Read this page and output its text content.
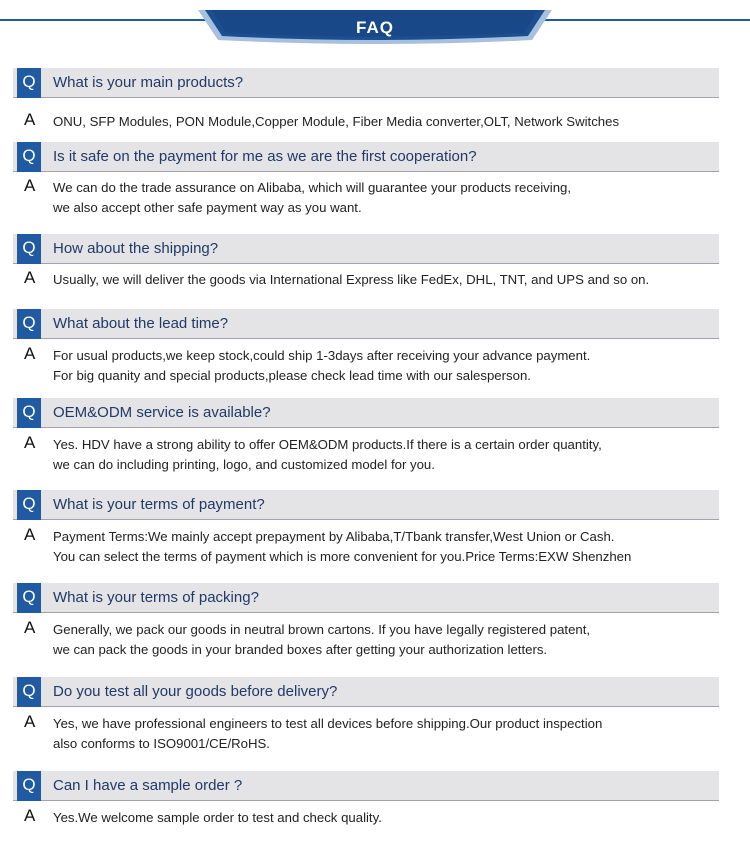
FAQ
Q	What is your main products?
A ONU, SFP Modules, PON Module,Copper Module, Fiber Media converter,OLT, Network Switches
Q	Is it safe on the payment for me as we are the first cooperation?
A We can do the trade assurance on Alibaba, which will guarantee your products receiving,
we also accept other safe payment way as you want.
Q	How about the shipping?
A Usually, we will deliver the goods via International Express like FedEx, DHL, TNT, and UPS and so on.
Q	What about the lead time?
A For usual products,we keep stock,could ship 1-3days after receiving your advance payment.
For big quanity and special products,please check lead time with our salesperson.
Q	OEM&ODM service is available?
A Yes. HDV have a strong ability to offer OEM&ODM products.If there is a certain order quantity,
we can do including printing, logo, and customized model for you.
Q	What is your terms of payment?
A Payment Terms:We mainly accept prepayment by Alibaba,T/Tbank transfer,West Union or Cash.
You can select the terms of payment which is more convenient for you.Price Terms:EXW Shenzhen
Q	What is your terms of packing?
A Generally, we pack our goods in neutral brown cartons. If you have legally registered patent,
we can pack the goods in your branded boxes after getting your authorization letters.
Q	Do you test all your goods before delivery?
A Yes, we have professional engineers to test all devices before shipping.Our product inspection
also conforms to ISO9001/CE/RoHS.
Q	Can I have a sample order ?
A Yes.We welcome sample order to test and check quality.
